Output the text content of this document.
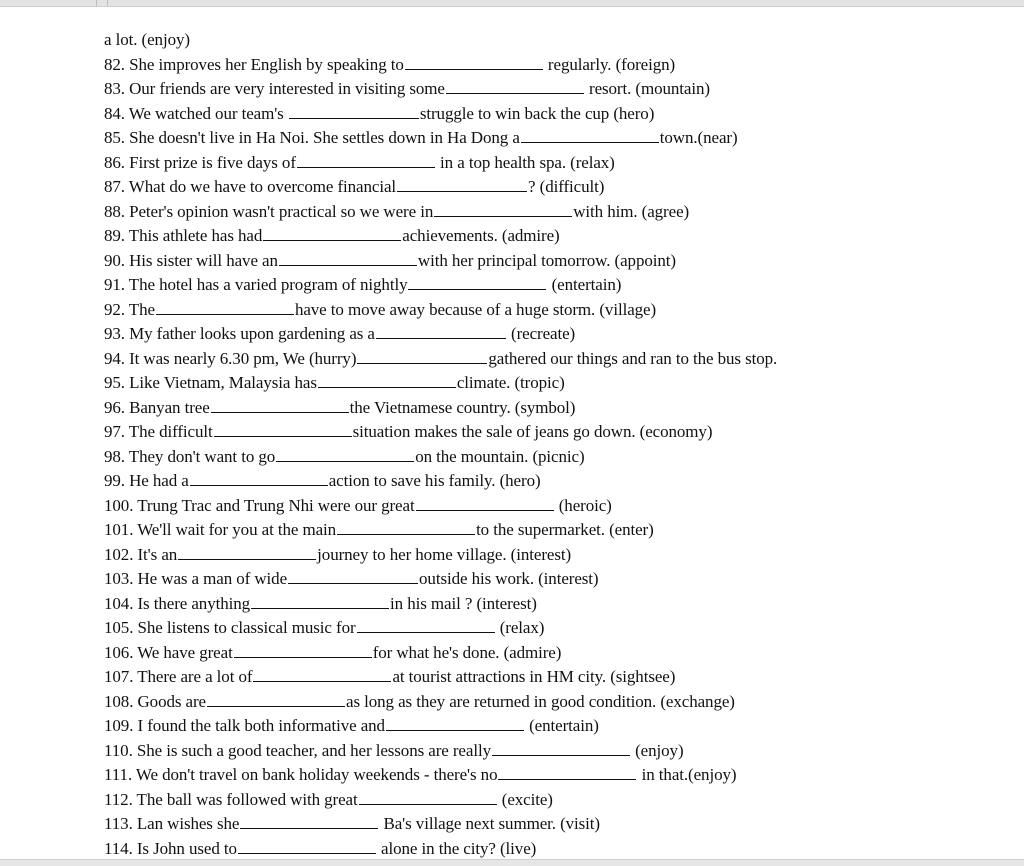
a lot. (enjoy)
82. She improves her English by speaking to	regularly. (foreign)
83. Our friends are very interested in visiting some	resort. (mountain)
84. We watched our team's	struggle to win back the cup (hero)
85. She doesn't live in Ha Noi. She settles down in Ha Dong a	town.(near)
86. First prize is five days of	in a top health spa. (relax)
87. What do we have to overcome financial	? (difficult)
88. Peter's opinion wasn't practical so we were in	with him. (agree)
89. This athlete has had	achievements. (admire)
90. His sister will have an	with her principal tomorrow. (appoint)
91. The hotel has a varied program of nightly	(entertain)
92. The	have to move away because of a huge storm. (village)
93. My father looks upon gardening as a	(recreate)
94. It was nearly 6.30 pm, We (hurry)	gathered our things and ran to the bus stop.
95. Like Vietnam, Malaysia has	climate. (tropic)
96. Banyan tree	the Vietnamese country. (symbol)
97. The difficult	situation makes the sale of jeans go down. (economy)
98. They don't want to go	on the mountain. (picnic)
99. He had a	action to save his family. (hero)
100. Trung Trac and Trung Nhi were our great	(heroic)
101. We'll wait for you at the main	to the supermarket. (enter)
102. It's an	journey to her home village. (interest)
103. He was a man of wide	outside his work. (interest)
104. Is there anything	in his mail ? (interest)
105. She listens to classical music for	(relax)
106. We have great	for what he's done. (admire)
107. There are a lot of	at tourist attractions in HM city. (sightsee)
108. Goods are	as long as they are returned in good condition. (exchange)
109. I found the talk both informative and	(entertain)
110. She is such a good teacher, and her lessons are really	(enjoy)
111. We don't travel on bank holiday weekends - there's no	in that.(enjoy)
112. The ball was followed with great	(excite)
113. Lan wishes she	Ba's village next summer. (visit)
114. Is John used to	alone in the city? (live)
